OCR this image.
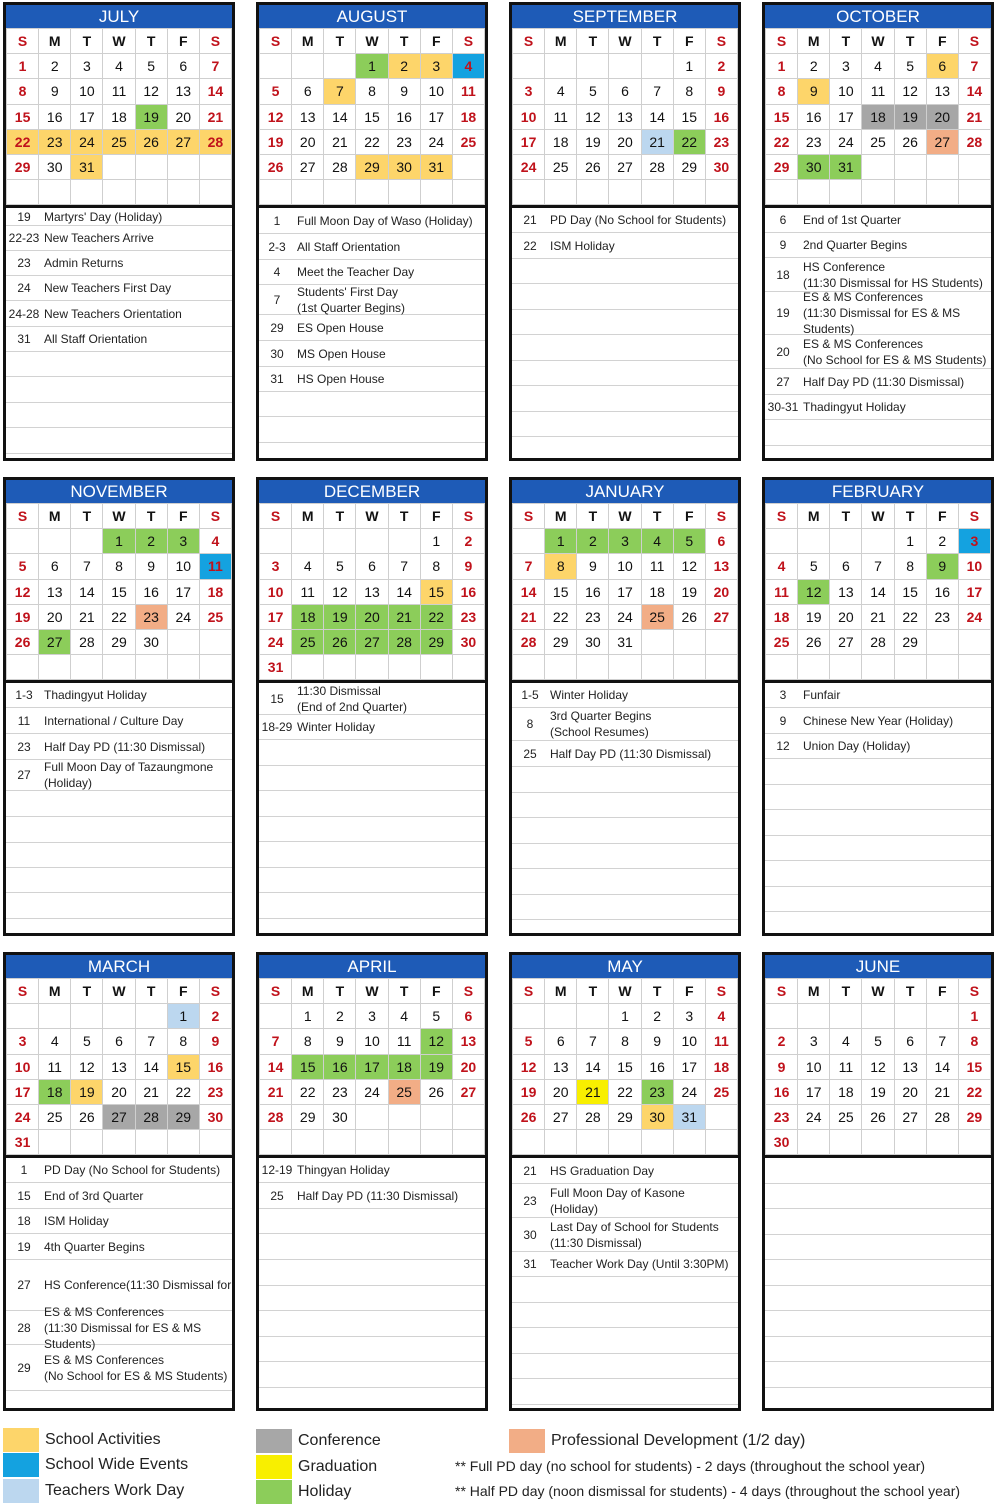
JULY
S	M	T	W	T	F	S
1	2	3	4	5	6	7
8	9	10	11	12	13	14
15	16	17	18	19	20	21
22	23	24	25	26	27	28
29	30	31				

19	Martyrs' Day (Holiday)
22-23 New Teachers Arrive
23	Admin Returns
24	New Teachers First Day
24-28 New Teachers Orientation
31	All Staff Orientation
AUGUST
S	M	T	W	T	F	S
			1	2	3	4
5	6	7	8	9	10	11
12	13	14	15	16	17	18
19	20	21	22	23	24	25
26	27	28	29	30	31	

1	Full Moon Day of Waso (Holiday)
2-3 All Staff Orientation
4	Meet the Teacher Day
7
Students' First Day
(1st Quarter Begins)
29	ES Open House
30	MS Open House
31	HS Open House
SEPTEMBER
S	M	T	W	T	F	S
					1	2
3	4	5	6	7	8	9
10	11	12	13	14	15	16
17	18	19	20	21	22	23
24	25	26	27	28	29	30

21	PD Day (No School for Students)
22	ISM Holiday
OCTOBER
S	M	T	W	T	F	S
1	2	3	4	5	6	7
8	9	10	11	12	13	14
15	16	17	18	19	20	21
22	23	24	25	26	27	28
29	30	31				

6	End of 1st Quarter
9	2nd Quarter Begins
18
HS Conference
(11:30 Dismissal for HS Students)
19
ES & MS Conferences
(11:30 Dismissal for ES & MS
Students)
20
ES & MS Conferences
(No School for ES & MS Students)
27	Half Day PD (11:30 Dismissal)
30-31 Thadingyut Holiday
NOVEMBER
S	M	T	W	T	F	S
			1	2	3	4
5	6	7	8	9	10	11
12	13	14	15	16	17	18
19	20	21	22	23	24	25
26	27	28	29	30		

1-3 Thadingyut Holiday
11	International / Culture Day
23	Half Day PD (11:30 Dismissal)
27
Full Moon Day of Tazaungmone
(Holiday)
DECEMBER
S	M	T	W	T	F	S
					1	2
3	4	5	6	7	8	9
10	11	12	13	14	15	16
17	18	19	20	21	22	23
24	25	26	27	28	29	30
31						
15
11:30 Dismissal
(End of 2nd Quarter)
18-29 Winter Holiday
JANUARY
S	M	T	W	T	F	S
	1	2	3	4	5	6
7	8	9	10	11	12	13
14	15	16	17	18	19	20
21	22	23	24	25	26	27
28	29	30	31			

1-5 Winter Holiday
8
3rd Quarter Begins
(School Resumes)
25	Half Day PD (11:30 Dismissal)
FEBRUARY
S	M	T	W	T	F	S
				1	2	3
4	5	6	7	8	9	10
11	12	13	14	15	16	17
18	19	20	21	22	23	24
25	26	27	28	29		

3	Funfair
9	Chinese New Year (Holiday)
12	Union Day (Holiday)
MARCH
S	M	T	W	T	F	S
					1	2
3	4	5	6	7	8	9
10	11	12	13	14	15	16
17	18	19	20	21	22	23
24	25	26	27	28	29	30
31						
1	PD Day (No School for Students)
15	End of 3rd Quarter
18	ISM Holiday
19	4th Quarter Begins
27	HS Conference(11:30 Dismissal for
28
ES & MS Conferences
(11:30 Dismissal for ES & MS
Students)
29
ES & MS Conferences
(No School for ES & MS Students)
APRIL
S	M	T	W	T	F	S
	1	2	3	4	5	6
7	8	9	10	11	12	13
14	15	16	17	18	19	20
21	22	23	24	25	26	27
28	29	30				

12-19 Thingyan Holiday
25	Half Day PD (11:30 Dismissal)
MAY
S	M	T	W	T	F	S
			1	2	3	4
5	6	7	8	9	10	11
12	13	14	15	16	17	18
19	20	21	22	23	24	25
26	27	28	29	30	31	

21	HS Graduation Day
23
Full Moon Day of Kasone
(Holiday)
30
Last Day of School for Students
(11:30 Dismissal)
31	Teacher Work Day (Until 3:30PM)
JUNE
S	M	T	W	T	F	S
						1
2	3	4	5	6	7	8
9	10	11	12	13	14	15
16	17	18	19	20	21	22
23	24	25	26	27	28	29
30						
School Activities
School Wide Events
Teachers Work Day
Conference
Graduation
Holiday
Professional Development (1/2 day)
** Full PD day (no school for students) - 2 days (throughout the school year)
** Half PD day (noon dismissal for students) - 4 days (throughout the school year)
